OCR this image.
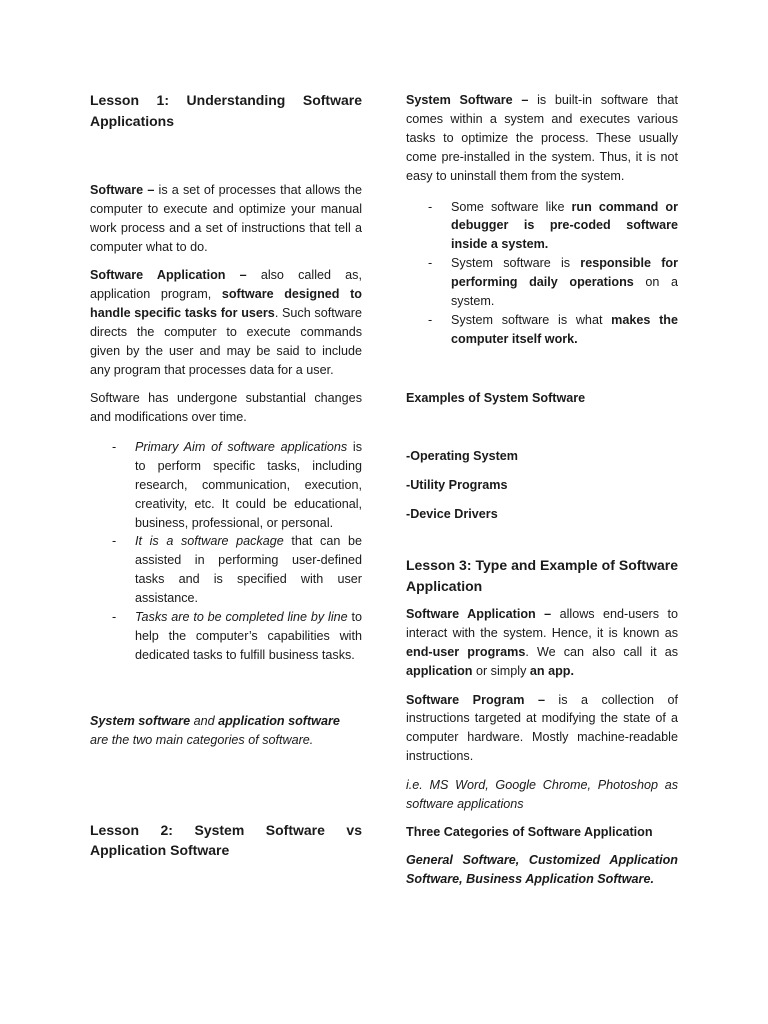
Lesson 1: Understanding Software Applications

Software – is a set of processes that allows the computer to execute and optimize your manual work process and a set of instructions that tell a computer what to do.

Software Application – also called as, application program, software designed to handle specific tasks for users. Such software directs the computer to execute commands given by the user and may be said to include any program that processes data for a user.

Software has undergone substantial changes and modifications over time.

- Primary Aim of software applications is to perform specific tasks, including research, communication, execution, creativity, etc. It could be educational, business, professional, or personal.
- It is a software package that can be assisted in performing user-defined tasks and is specified with user assistance.
- Tasks are to be completed line by line to help the computer’s capabilities with dedicated tasks to fulfill business tasks.

System software and application software
are the two main categories of software.

Lesson 2: System Software vs
Application Software

System Software – is built-in software that comes within a system and executes various tasks to optimize the process. These usually come pre-installed in the system. Thus, it is not easy to uninstall them from the system.

- Some software like run command or debugger is pre-coded software inside a system.
- System software is responsible for performing daily operations on a system.
- System software is what makes the computer itself work.

Examples of System Software

-Operating System

-Utility Programs

-Device Drivers

Lesson 3: Type and Example of Software Application

Software Application – allows end-users to interact with the system. Hence, it is known as end-user programs. We can also call it as application or simply an app.

Software Program – is a collection of instructions targeted at modifying the state of a computer hardware. Mostly machine-readable instructions.

i.e. MS Word, Google Chrome, Photoshop as software applications

Three Categories of Software Application

General Software, Customized Application Software, Business Application Software.
